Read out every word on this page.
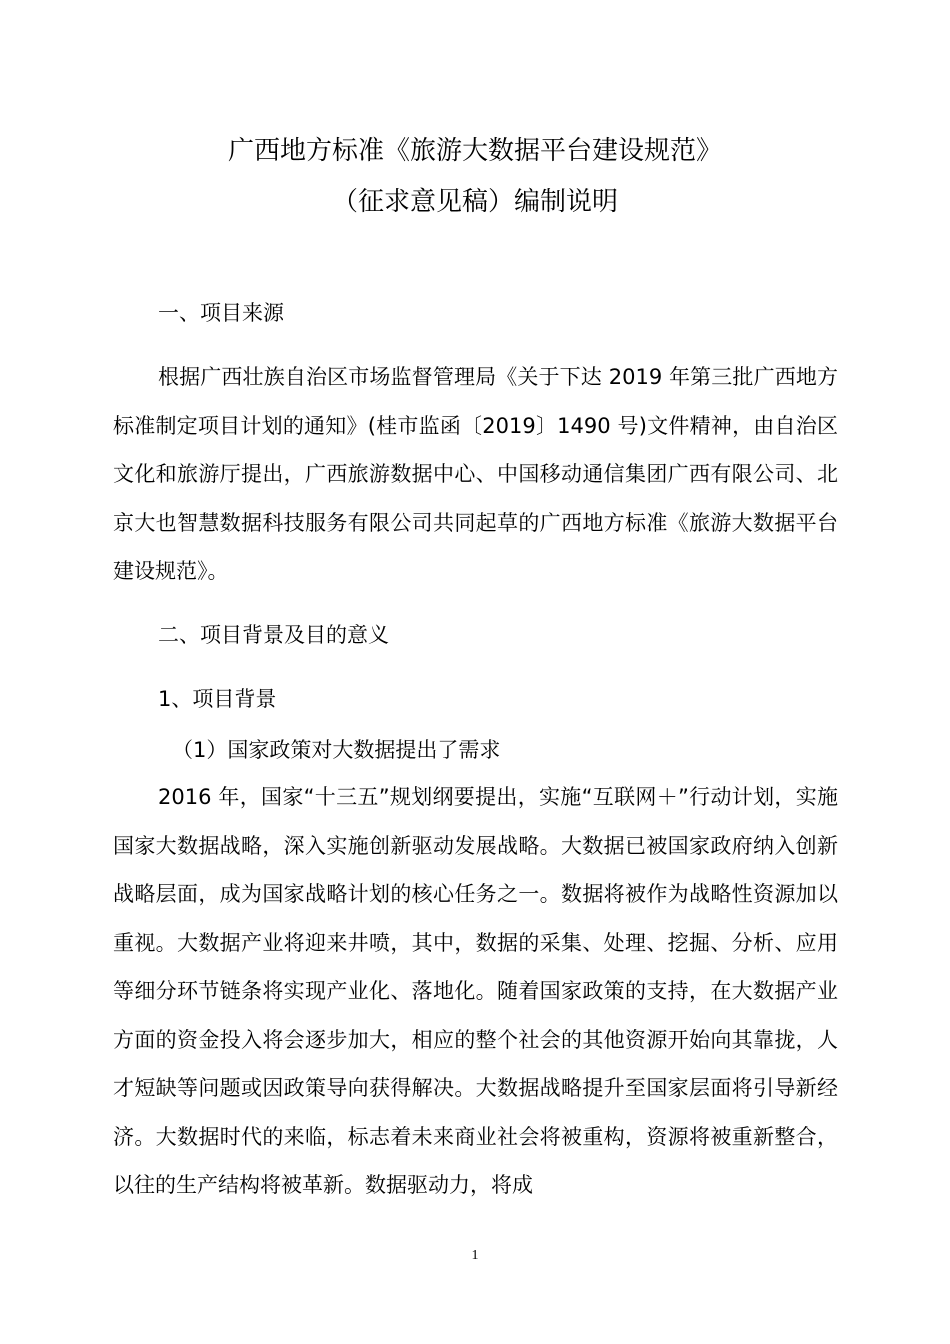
广西地方标准《旅游大数据平台建设规范》
（征求意见稿）编制说明
一、项目来源

根据广西壮族自治区市场监督管理局《关于下达 2019 年第三批广西地方标准制定项目计划的通知》(桂市监函〔2019〕1490 号)文件精神，由自治区文化和旅游厅提出，广西旅游数据中心、中国移动通信集团广西有限公司、北京大也智慧数据科技服务有限公司共同起草的广西地方标准《旅游大数据平台建设规范》。

二、项目背景及目的意义
1、项目背景
（1）国家政策对大数据提出了需求

2016 年，国家“十三五”规划纲要提出，实施“互联网＋”行动计划，实施国家大数据战略，深入实施创新驱动发展战略。大数据已被国家政府纳入创新战略层面，成为国家战略计划的核心任务之一。数据将被作为战略性资源加以重视。大数据产业将迎来井喷，其中，数据的采集、处理、挖掘、分析、应用等细分环节链条将实现产业化、落地化。随着国家政策的支持，在大数据产业方面的资金投入将会逐步加大，相应的整个社会的其他资源开始向其靠拢，人才短缺等问题或因政策导向获得解决。大数据战略提升至国家层面将引导新经济。大数据时代的来临，标志着未来商业社会将被重构，资源将被重新整合，以往的生产结构将被革新。数据驱动力，将成

1
